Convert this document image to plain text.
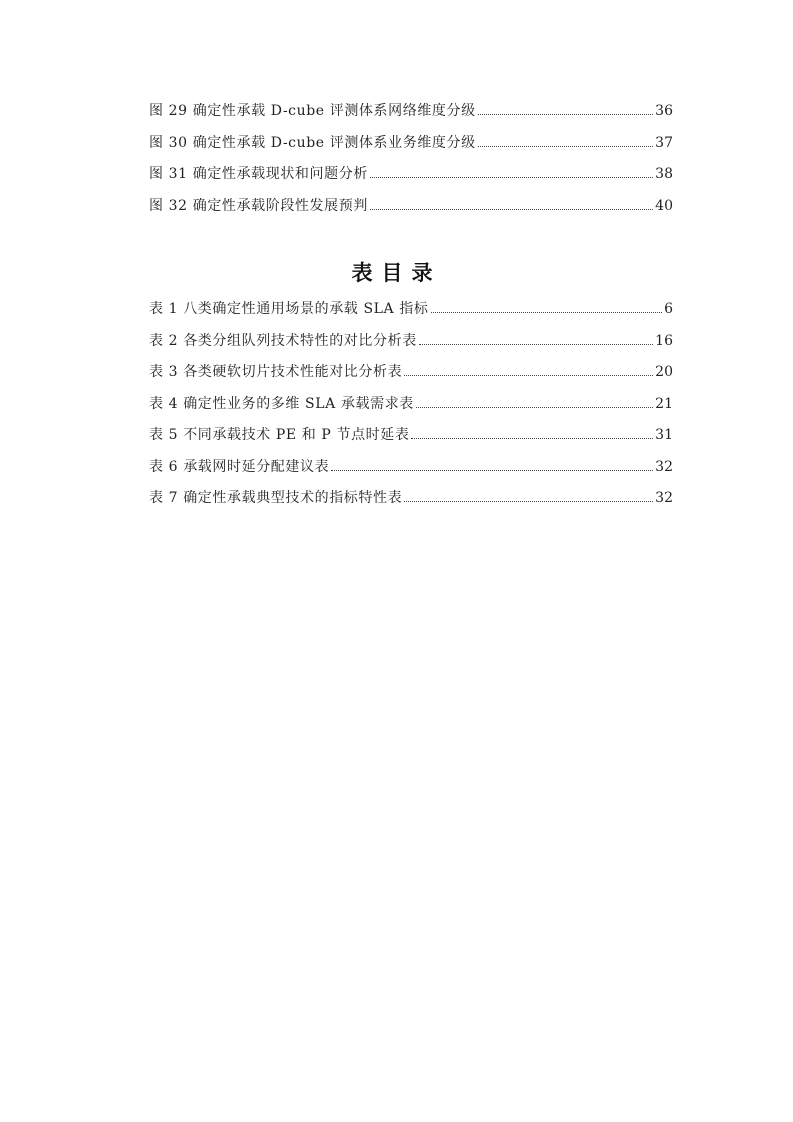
图 29 确定性承载 D-cube 评测体系网络维度分级	36
图 30 确定性承载 D-cube 评测体系业务维度分级	37
图 31 确定性承载现状和问题分析	38
图 32 确定性承载阶段性发展预判	40
表目录
表 1 八类确定性通用场景的承载 SLA 指标	6
表 2 各类分组队列技术特性的对比分析表	16
表 3 各类硬软切片技术性能对比分析表	20
表 4 确定性业务的多维 SLA 承载需求表	21
表 5 不同承载技术 PE 和 P 节点时延表	31
表 6 承载网时延分配建议表	32
表 7 确定性承载典型技术的指标特性表	32
